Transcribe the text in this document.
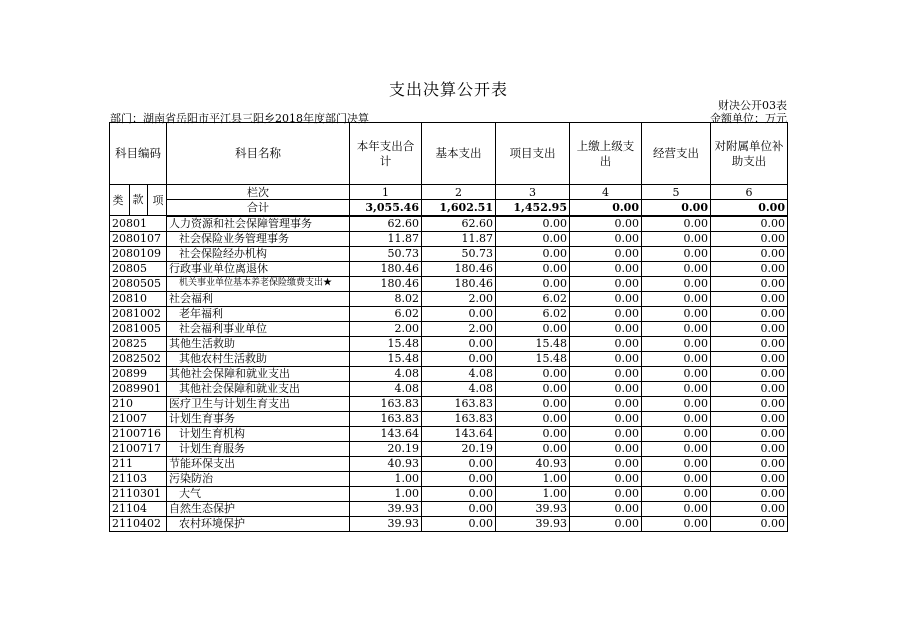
支出决算公开表
财决公开03表
金额单位：万元
部门：湖南省岳阳市平江县三阳乡2018年度部门决算
科目编码	科目名称	本年支出合计	基本支出	项目支出	上缴上级支出	经营支出	对附属单位补助支出

类 款 项	栏次	1	2	3	4	5	6
	合计	3,055.46	1,602.51	1,452.95	0.00	0.00	0.00
20801	人力资源和社会保障管理事务	62.60	62.60	0.00	0.00	0.00	0.00
2080107	社会保险业务管理事务	11.87	11.87	0.00	0.00	0.00	0.00
2080109	社会保险经办机构	50.73	50.73	0.00	0.00	0.00	0.00
20805	行政事业单位离退休	180.46	180.46	0.00	0.00	0.00	0.00
2080505	机关事业单位基本养老保险缴费支出★	180.46	180.46	0.00	0.00	0.00	0.00
20810	社会福利	8.02	2.00	6.02	0.00	0.00	0.00
2081002	老年福利	6.02	0.00	6.02	0.00	0.00	0.00
2081005	社会福利事业单位	2.00	2.00	0.00	0.00	0.00	0.00
20825	其他生活救助	15.48	0.00	15.48	0.00	0.00	0.00
2082502	其他农村生活救助	15.48	0.00	15.48	0.00	0.00	0.00
20899	其他社会保障和就业支出	4.08	4.08	0.00	0.00	0.00	0.00
2089901	其他社会保障和就业支出	4.08	4.08	0.00	0.00	0.00	0.00
210	医疗卫生与计划生育支出	163.83	163.83	0.00	0.00	0.00	0.00
21007	计划生育事务	163.83	163.83	0.00	0.00	0.00	0.00
2100716	计划生育机构	143.64	143.64	0.00	0.00	0.00	0.00
2100717	计划生育服务	20.19	20.19	0.00	0.00	0.00	0.00
211	节能环保支出	40.93	0.00	40.93	0.00	0.00	0.00
21103	污染防治	1.00	0.00	1.00	0.00	0.00	0.00
2110301	大气	1.00	0.00	1.00	0.00	0.00	0.00
21104	自然生态保护	39.93	0.00	39.93	0.00	0.00	0.00
2110402	农村环境保护	39.93	0.00	39.93	0.00	0.00	0.00
